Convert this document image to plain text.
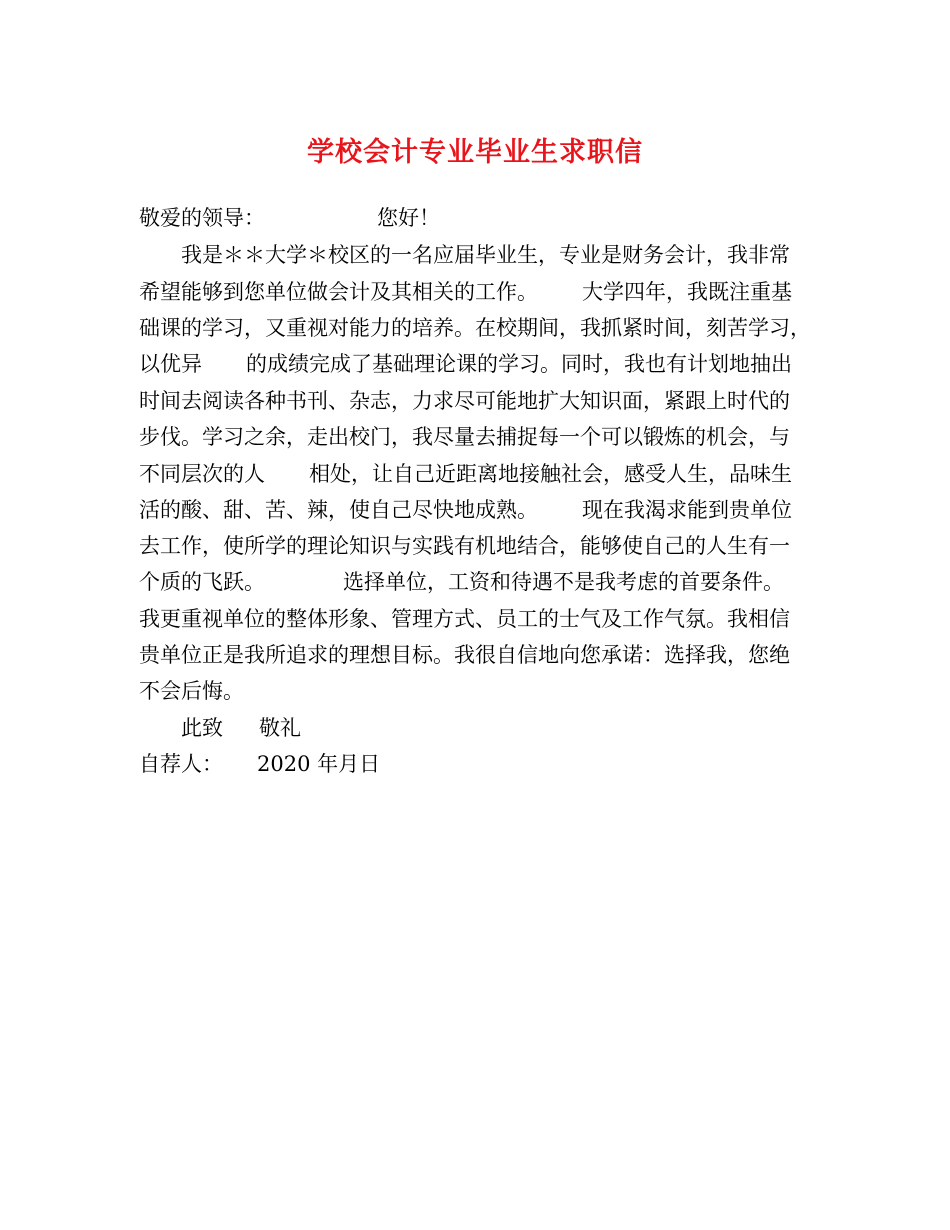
学校会计专业毕业生求职信
敬爱的领导：	您好！
我是＊＊大学＊校区的一名应届毕业生，专业是财务会计，我非常
希望能够到您单位做会计及其相关的工作。 大学四年，我既注重基
础课的学习，又重视对能力的培养。在校期间，我抓紧时间，刻苦学习，
以优异 的成绩完成了基础理论课的学习。同时，我也有计划地抽出
时间去阅读各种书刊、杂志，力求尽可能地扩大知识面，紧跟上时代的
步伐。学习之余，走出校门，我尽量去捕捉每一个可以锻炼的机会，与
不同层次的人 相处，让自己近距离地接触社会，感受人生，品味生
活的酸、甜、苦、辣，使自己尽快地成熟。 现在我渴求能到贵单位
去工作，使所学的理论知识与实践有机地结合，能够使自己的人生有一
个质的飞跃。	选择单位，工资和待遇不是我考虑的首要条件。
我更重视单位的整体形象、管理方式、员工的士气及工作气氛。我相信
贵单位正是我所追求的理想目标。我很自信地向您承诺：选择我，您绝
不会后悔。
此致 敬礼
自荐人： 2020 年月日
